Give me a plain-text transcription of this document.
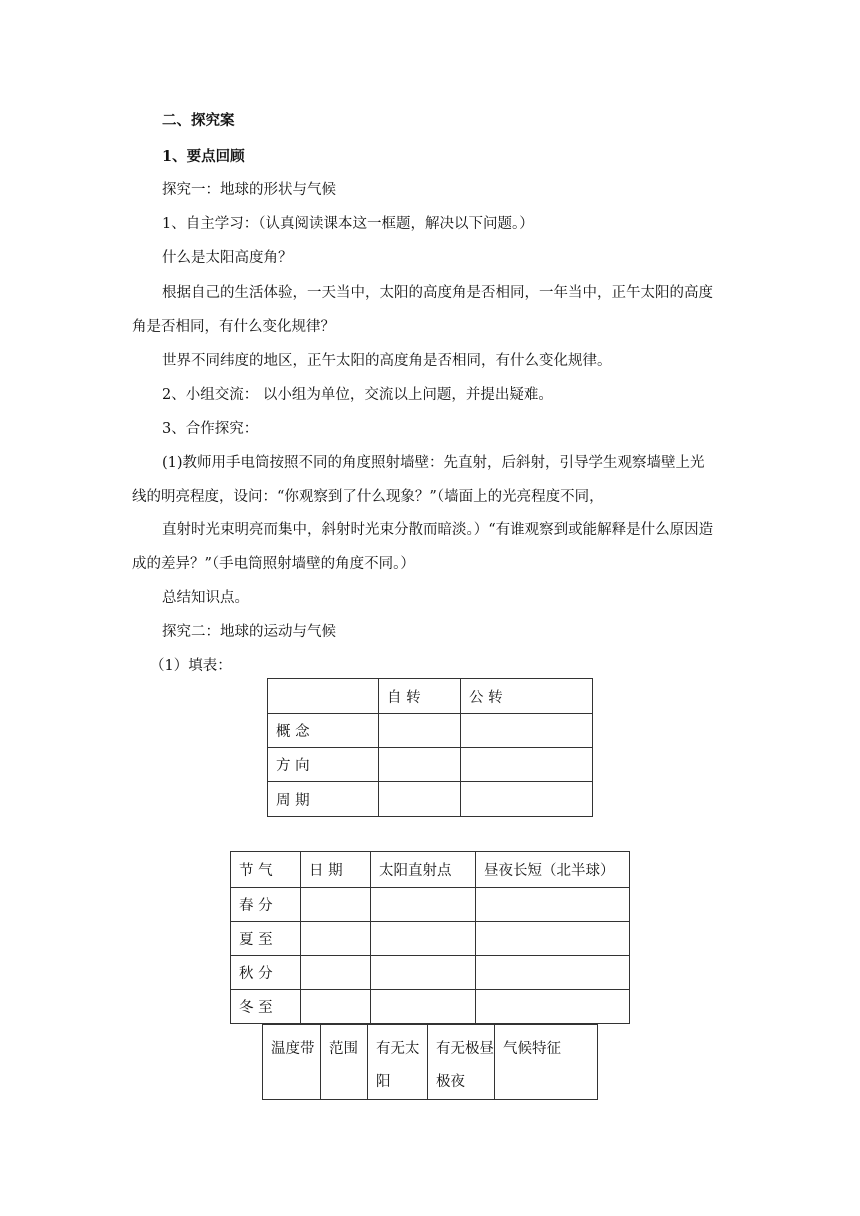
二、探究案
1、要点回顾
探究一：地球的形状与气候
1、自主学习：（认真阅读课本这一框题，解决以下问题。）
什么是太阳高度角？
根据自己的生活体验，一天当中，太阳的高度角是否相同，一年当中，正午太阳的高度
角是否相同，有什么变化规律？
世界不同纬度的地区，正午太阳的高度角是否相同，有什么变化规律。
2、小组交流： 以小组为单位，交流以上问题，并提出疑难。
3、合作探究：
(1)教师用手电筒按照不同的角度照射墙壁：先直射，后斜射，引导学生观察墙壁上光
线的明亮程度，设问：“你观察到了什么现象？”（墙面上的光亮程度不同，
直射时光束明亮而集中，斜射时光束分散而暗淡。）“有谁观察到或能解释是什么原因造
成的差异？”（手电筒照射墙壁的角度不同。）
总结知识点。
探究二：地球的运动与气候
（1）填表：
	自 转	公 转
概 念		
方 向		
周 期		
节 气	日 期	太阳直射点	昼夜长短（北半球）
春 分			
夏 至			
秋 分			
冬 至			
温度带	范围	有无太阳	有无极昼极夜	气候特征
